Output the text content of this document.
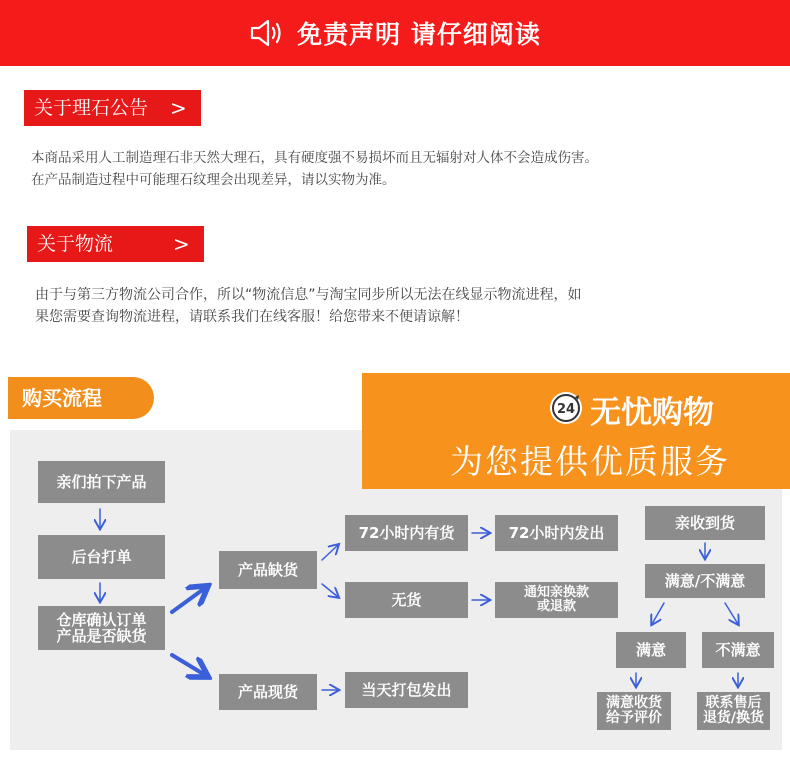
免责声明 请仔细阅读
关于理石公告 >
本商品采用人工制造理石非天然大理石，具有硬度强不易损坏而且无辐射对人体不会造成伤害。
在产品制造过程中可能理石纹理会出现差异，请以实物为准。
关于物流	>
由于与第三方物流公司合作，所以“物流信息”与淘宝同步所以无法在线显示物流进程，如
果您需要查询物流进程，请联系我们在线客服！给您带来不便请谅解！
购买流程	24 无忧购物
为您提供优质服务
亲们拍下产品
后台打单
仓库确认订单
产品是否缺货
产品缺货
产品现货
72小时内有货	72小时内发出
无货	通知亲换款
或退款
当天打包发出
亲收到货
满意/不满意
满意	不满意
满意收货
给予评价
联系售后
退货/换货
